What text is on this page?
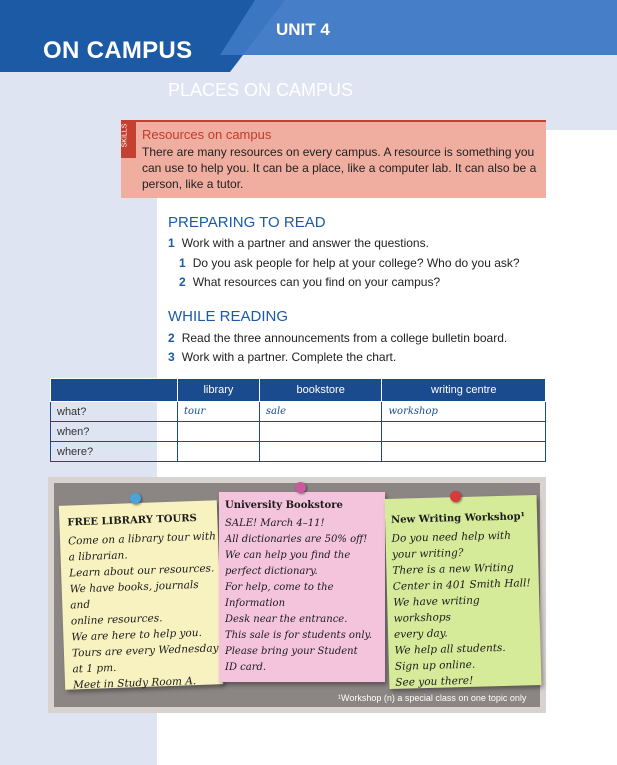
UNIT 4
ON CAMPUS
PLACES ON CAMPUS
SKILLS Resources on campus
There are many resources on every campus. A resource is something you can use to help you. It can be a place, like a computer lab. It can also be a person, like a tutor.
PREPARING TO READ
1 Work with a partner and answer the questions.
1 Do you ask people for help at your college? Who do you ask?
2 What resources can you find on your campus?
WHILE READING
2 Read the three announcements from a college bulletin board.
3 Work with a partner. Complete the chart.
	library	bookstore	writing centre
what?	tour	sale	workshop
when?			
where?			
FREE LIBRARY TOURS
Come on a library tour with
a librarian.
Learn about our resources.
We have books, journals and
online resources.
We are here to help you.
Tours are every Wednesday
at 1 pm.
Meet in Study Room A.
University Bookstore
SALE! March 4–11!
All dictionaries are 50% off!
We can help you find the
perfect dictionary.
For help, come to the Information
Desk near the entrance.
This sale is for students only.
Please bring your Student
ID card.
New Writing Workshop¹
Do you need help with
your writing?
There is a new Writing
Center in 401 Smith Hall!
We have writing workshops
every day.
We help all students.
Sign up online.
See you there!
¹Workshop (n) a special class on one topic only
